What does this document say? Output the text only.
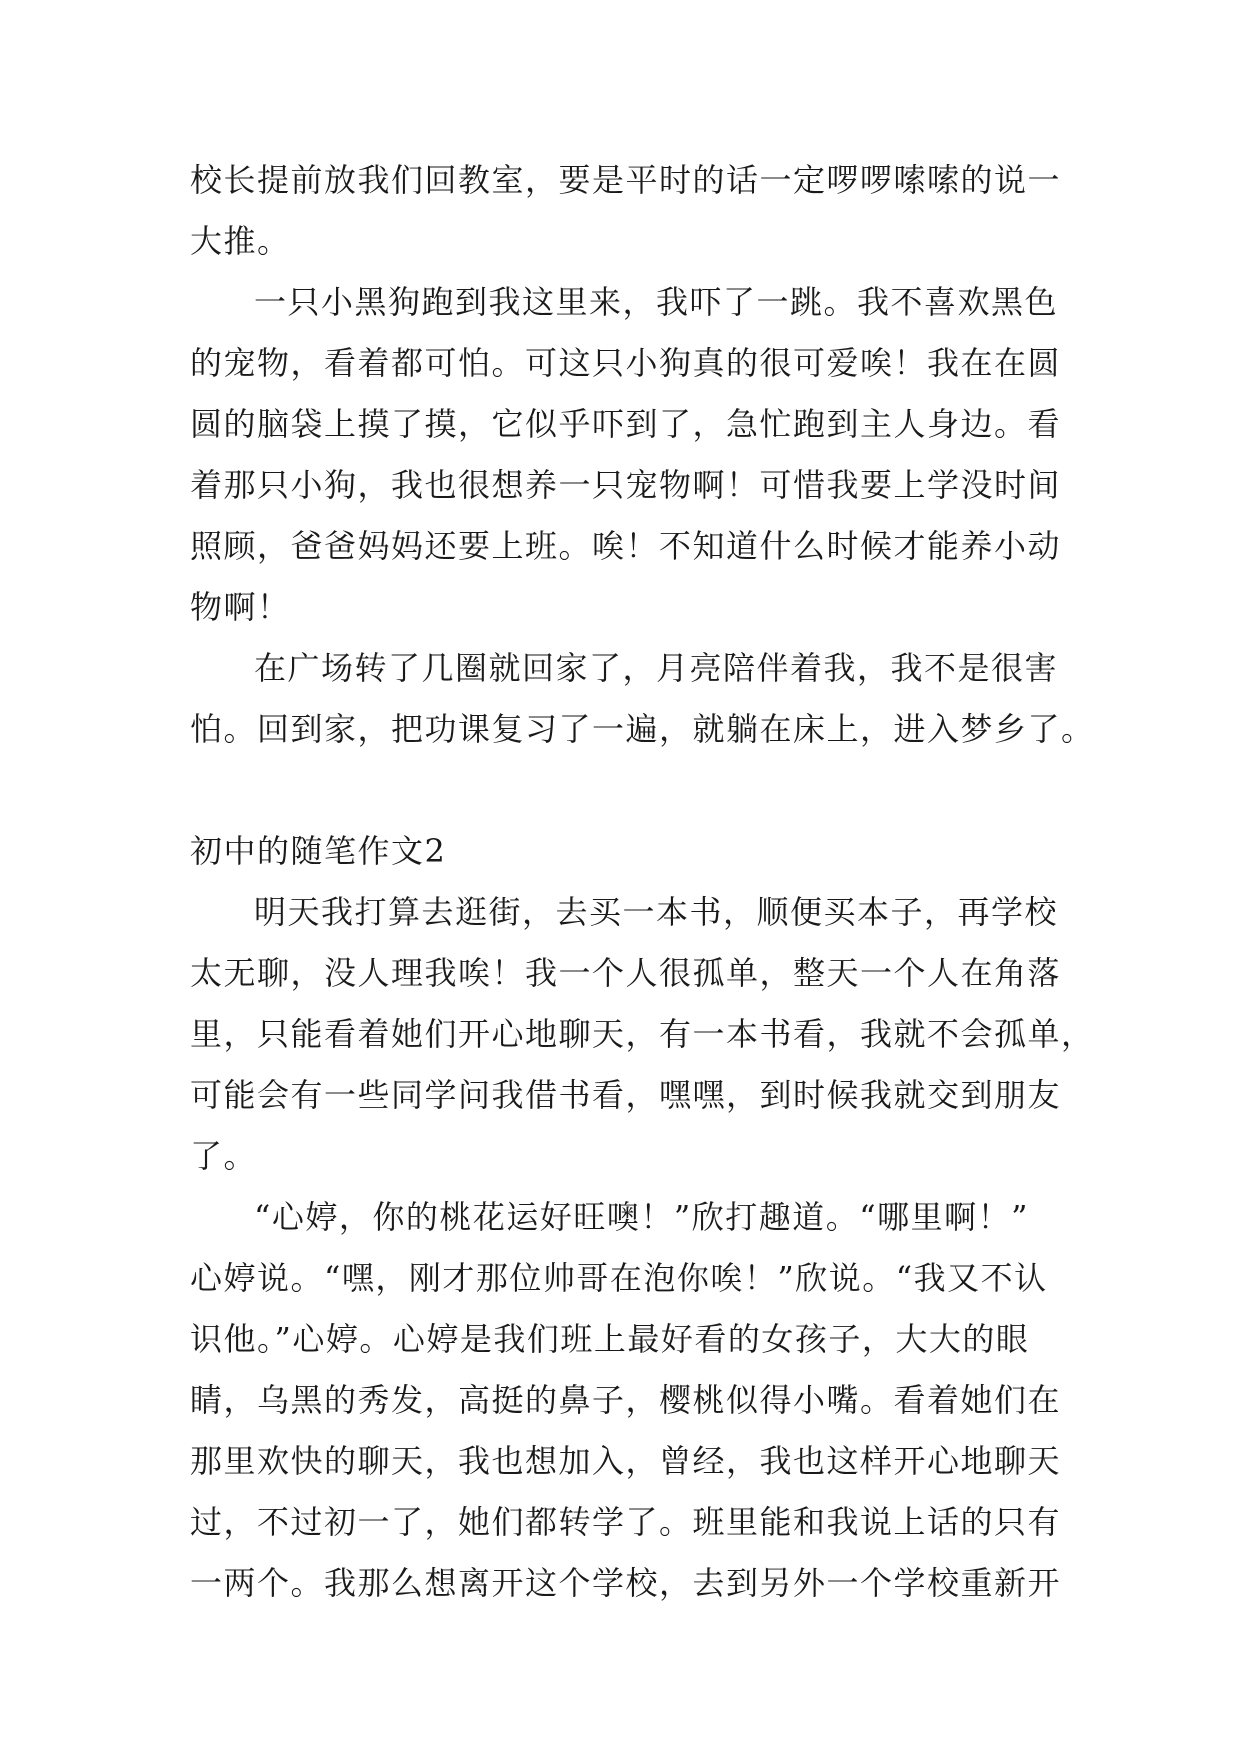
校长提前放我们回教室，要是平时的话一定啰啰嗦嗦的说一
大推。
一只小黑狗跑到我这里来，我吓了一跳。我不喜欢黑色
的宠物，看着都可怕。可这只小狗真的很可爱唉！我在在圆
圆的脑袋上摸了摸，它似乎吓到了，急忙跑到主人身边。看
着那只小狗，我也很想养一只宠物啊！可惜我要上学没时间
照顾，爸爸妈妈还要上班。唉！不知道什么时候才能养小动
物啊！
在广场转了几圈就回家了，月亮陪伴着我，我不是很害
怕。回到家，把功课复习了一遍，就躺在床上，进入梦乡了。
初中的随笔作文2
明天我打算去逛街，去买一本书，顺便买本子，再学校
太无聊，没人理我唉！我一个人很孤单，整天一个人在角落
里，只能看着她们开心地聊天，有一本书看，我就不会孤单，
可能会有一些同学问我借书看，嘿嘿，到时候我就交到朋友
了。
“心婷，你的桃花运好旺噢！”欣打趣道。“哪里啊！”
心婷说。“嘿，刚才那位帅哥在泡你唉！”欣说。“我又不认
识他。”心婷。心婷是我们班上最好看的女孩子，大大的眼
睛，乌黑的秀发，高挺的鼻子，樱桃似得小嘴。看着她们在
那里欢快的聊天，我也想加入，曾经，我也这样开心地聊天
过，不过初一了，她们都转学了。班里能和我说上话的只有
一两个。我那么想离开这个学校，去到另外一个学校重新开
